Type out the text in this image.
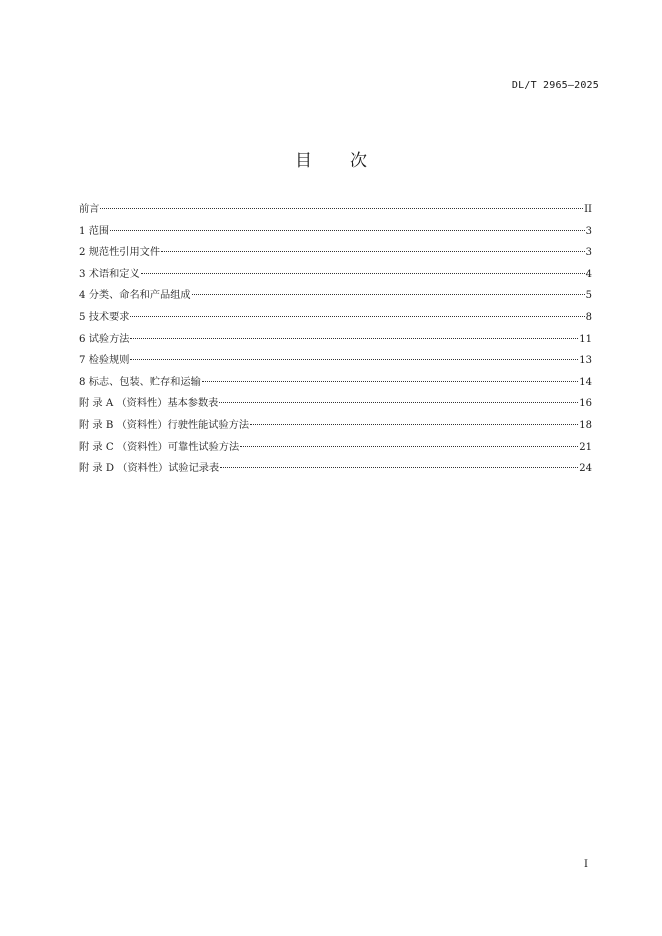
DL/T 2965—2025
目 次
前言	II
1 范围	3
2 规范性引用文件	3
3 术语和定义	4
4 分类、命名和产品组成	5
5 技术要求	8
6 试验方法	11
7 检验规则	13
8 标志、包装、贮存和运输	14
附 录 A （资料性）基本参数表	16
附 录 B （资料性）行驶性能试验方法	18
附 录 C （资料性）可靠性试验方法	21
附 录 D （资料性）试验记录表	24
I
